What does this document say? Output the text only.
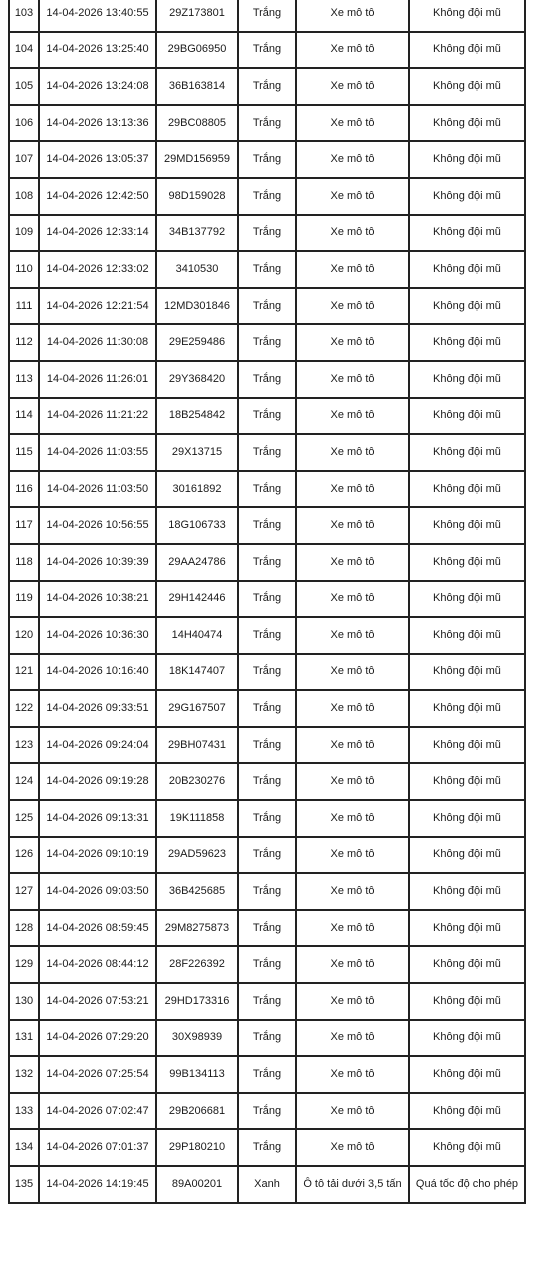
103	14-04-2026 13:40:55	29Z173801	Trắng	Xe mô tô	Không đội mũ
104	14-04-2026 13:25:40	29BG06950	Trắng	Xe mô tô	Không đội mũ
105	14-04-2026 13:24:08	36B163814	Trắng	Xe mô tô	Không đội mũ
106	14-04-2026 13:13:36	29BC08805	Trắng	Xe mô tô	Không đội mũ
107	14-04-2026 13:05:37	29MD156959	Trắng	Xe mô tô	Không đội mũ
108	14-04-2026 12:42:50	98D159028	Trắng	Xe mô tô	Không đội mũ
109	14-04-2026 12:33:14	34B137792	Trắng	Xe mô tô	Không đội mũ
110	14-04-2026 12:33:02	3410530	Trắng	Xe mô tô	Không đội mũ
111	14-04-2026 12:21:54	12MD301846	Trắng	Xe mô tô	Không đội mũ
112	14-04-2026 11:30:08	29E259486	Trắng	Xe mô tô	Không đội mũ
113	14-04-2026 11:26:01	29Y368420	Trắng	Xe mô tô	Không đội mũ
114	14-04-2026 11:21:22	18B254842	Trắng	Xe mô tô	Không đội mũ
115	14-04-2026 11:03:55	29X13715	Trắng	Xe mô tô	Không đội mũ
116	14-04-2026 11:03:50	30161892	Trắng	Xe mô tô	Không đội mũ
117	14-04-2026 10:56:55	18G106733	Trắng	Xe mô tô	Không đội mũ
118	14-04-2026 10:39:39	29AA24786	Trắng	Xe mô tô	Không đội mũ
119	14-04-2026 10:38:21	29H142446	Trắng	Xe mô tô	Không đội mũ
120	14-04-2026 10:36:30	14H40474	Trắng	Xe mô tô	Không đội mũ
121	14-04-2026 10:16:40	18K147407	Trắng	Xe mô tô	Không đội mũ
122	14-04-2026 09:33:51	29G167507	Trắng	Xe mô tô	Không đội mũ
123	14-04-2026 09:24:04	29BH07431	Trắng	Xe mô tô	Không đội mũ
124	14-04-2026 09:19:28	20B230276	Trắng	Xe mô tô	Không đội mũ
125	14-04-2026 09:13:31	19K111858	Trắng	Xe mô tô	Không đội mũ
126	14-04-2026 09:10:19	29AD59623	Trắng	Xe mô tô	Không đội mũ
127	14-04-2026 09:03:50	36B425685	Trắng	Xe mô tô	Không đội mũ
128	14-04-2026 08:59:45	29M8275873	Trắng	Xe mô tô	Không đội mũ
129	14-04-2026 08:44:12	28F226392	Trắng	Xe mô tô	Không đội mũ
130	14-04-2026 07:53:21	29HD173316	Trắng	Xe mô tô	Không đội mũ
131	14-04-2026 07:29:20	30X98939	Trắng	Xe mô tô	Không đội mũ
132	14-04-2026 07:25:54	99B134113	Trắng	Xe mô tô	Không đội mũ
133	14-04-2026 07:02:47	29B206681	Trắng	Xe mô tô	Không đội mũ
134	14-04-2026 07:01:37	29P180210	Trắng	Xe mô tô	Không đội mũ
135	14-04-2026 14:19:45	89A00201	Xanh	Ô tô tải dưới 3,5 tấn	Quá tốc độ cho phép
